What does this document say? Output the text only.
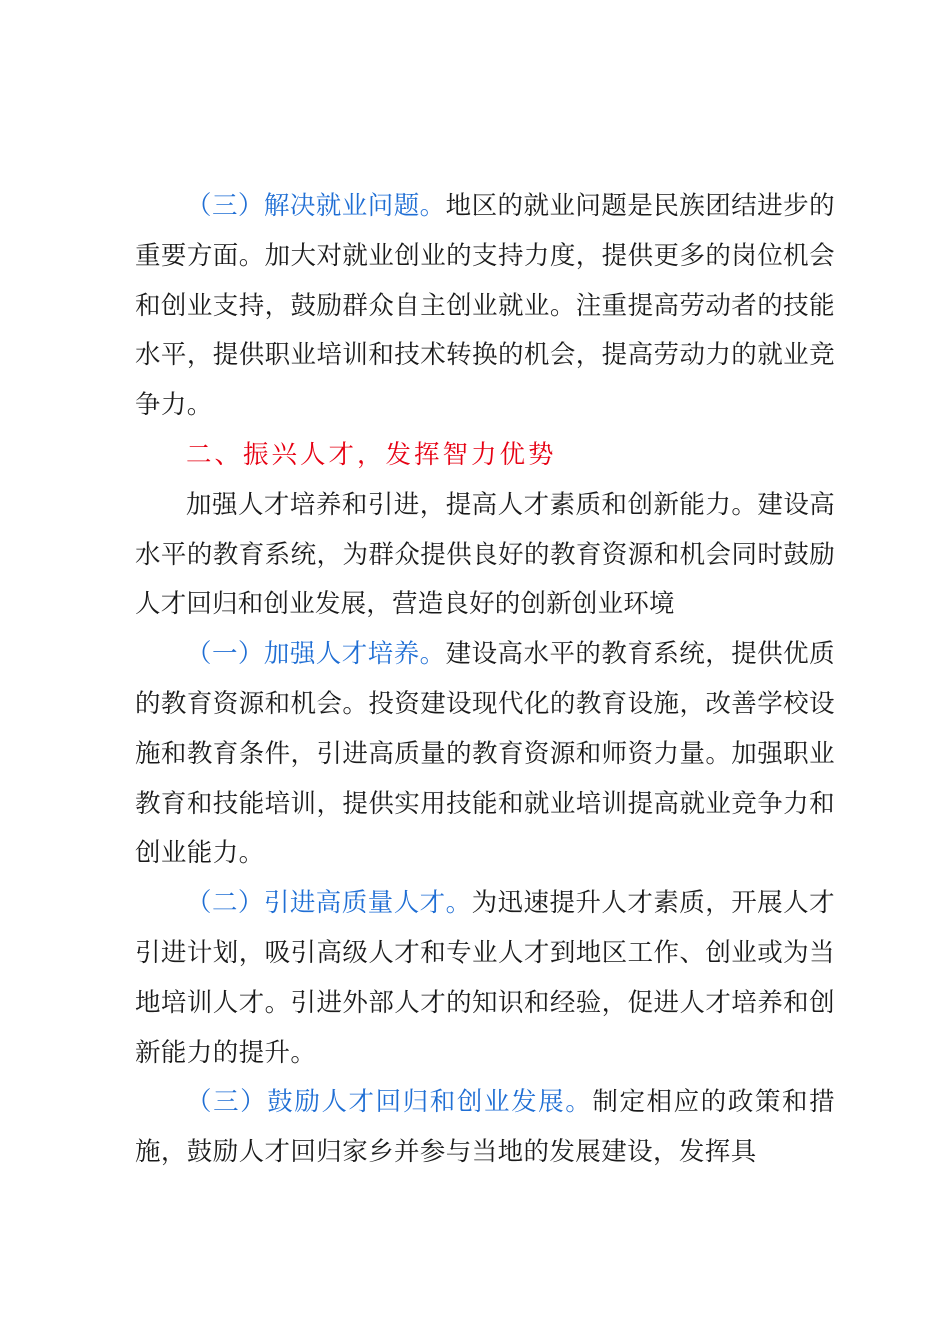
（三）解决就业问题。地区的就业问题是民族团结进步的重要方面。加大对就业创业的支持力度，提供更多的岗位机会和创业支持，鼓励群众自主创业就业。注重提高劳动者的技能水平，提供职业培训和技术转换的机会，提高劳动力的就业竞争力。

二、振兴人才，发挥智力优势

加强人才培养和引进，提高人才素质和创新能力。建设高水平的教育系统，为群众提供良好的教育资源和机会同时鼓励人才回归和创业发展，营造良好的创新创业环境

（一）加强人才培养。建设高水平的教育系统，提供优质的教育资源和机会。投资建设现代化的教育设施，改善学校设施和教育条件，引进高质量的教育资源和师资力量。加强职业教育和技能培训，提供实用技能和就业培训提高就业竞争力和创业能力。

（二）引进高质量人才。为迅速提升人才素质，开展人才引进计划，吸引高级人才和专业人才到地区工作、创业或为当地培训人才。引进外部人才的知识和经验，促进人才培养和创新能力的提升。

（三）鼓励人才回归和创业发展。制定相应的政策和措施，鼓励人才回归家乡并参与当地的发展建设，发挥具
